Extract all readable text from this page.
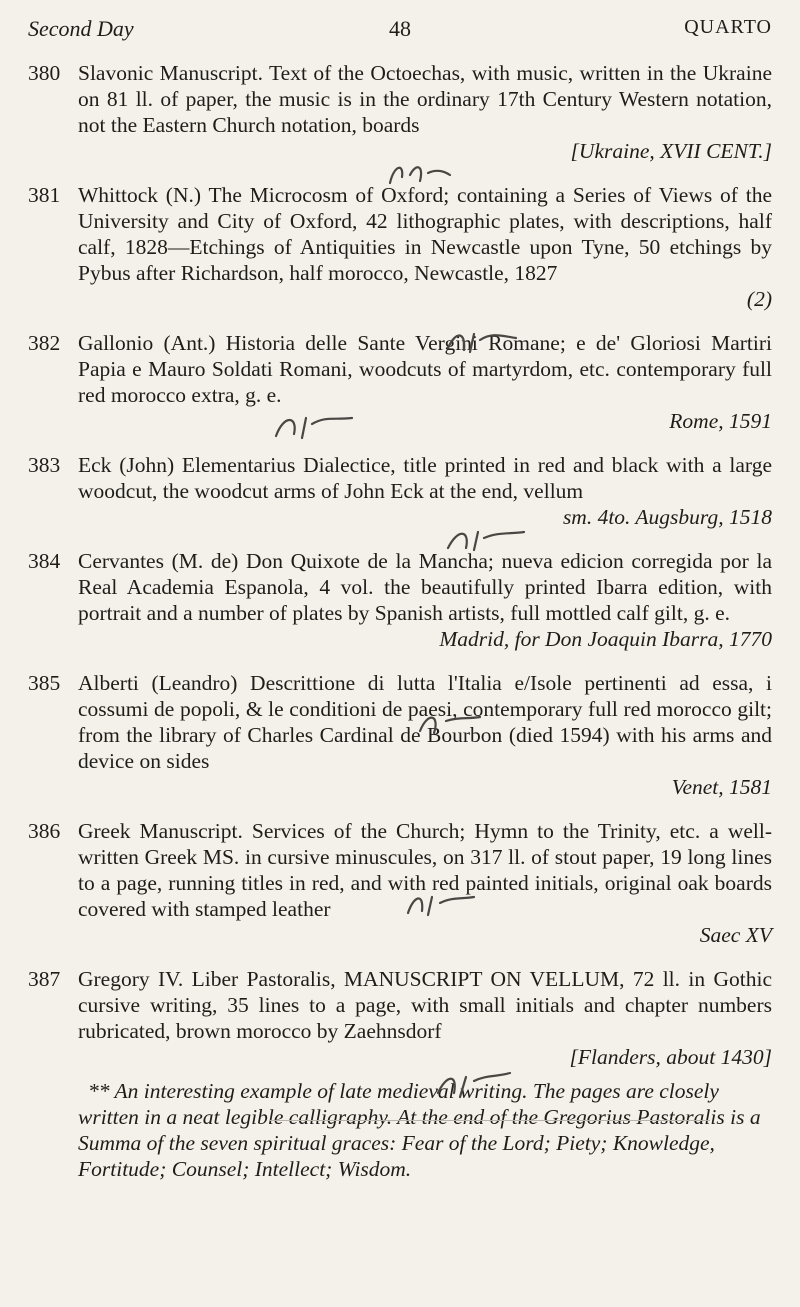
Second Day	48	QUARTO
380 Slavonic Manuscript. Text of the Octoechas, with music, written in the Ukraine on 81 ll. of paper, the music is in the ordinary 17th Century Western notation, not the Eastern Church notation, boards
[Ukraine, XVII CENT.]
381 Whittock (N.) The Microcosm of Oxford; containing a Series of Views of the University and City of Oxford, 42 lithographic plates, with descriptions, half calf, 1828—Etchings of Antiquities in Newcastle upon Tyne, 50 etchings by Pybus after Richardson, half morocco, Newcastle, 1827
(2)
382 Gallonio (Ant.) Historia delle Sante Vergini Romane; e de' Gloriosi Martiri Papia e Mauro Soldati Romani, woodcuts of martyrdom, etc. contemporary full red morocco extra, g. e.
Rome, 1591
383 Eck (John) Elementarius Dialectice, title printed in red and black with a large woodcut, the woodcut arms of John Eck at the end, vellum
sm. 4to. Augsburg, 1518
384 Cervantes (M. de) Don Quixote de la Mancha; nueva edicion corregida por la Real Academia Espanola, 4 vol. the beautifully printed Ibarra edition, with portrait and a number of plates by Spanish artists, full mottled calf gilt, g. e.
Madrid, for Don Joaquin Ibarra, 1770
385 Alberti (Leandro) Descrittione di lutta l'Italia e/Isole pertinenti ad essa, i cossumi de popoli, & le conditioni de paesi, contemporary full red morocco gilt; from the library of Charles Cardinal de Bourbon (died 1594) with his arms and device on sides
Venet, 1581
386 Greek Manuscript. Services of the Church; Hymn to the Trinity, etc. a well-written Greek MS. in cursive minuscules, on 317 ll. of stout paper, 19 long lines to a page, running titles in red, and with red painted initials, original oak boards covered with stamped leather
Saec XV
387 Gregory IV. Liber Pastoralis, MANUSCRIPT ON VELLUM, 72 ll. in Gothic cursive writing, 35 lines to a page, with small initials and chapter numbers rubricated, brown morocco by Zaehnsdorf
[Flanders, about 1430]
** An interesting example of late medieval writing. The pages are closely written in a neat legible calligraphy. At the end of the Gregorius Pastoralis is a Summa of the seven spiritual graces: Fear of the Lord; Piety; Knowledge, Fortitude; Counsel; Intellect; Wisdom.
